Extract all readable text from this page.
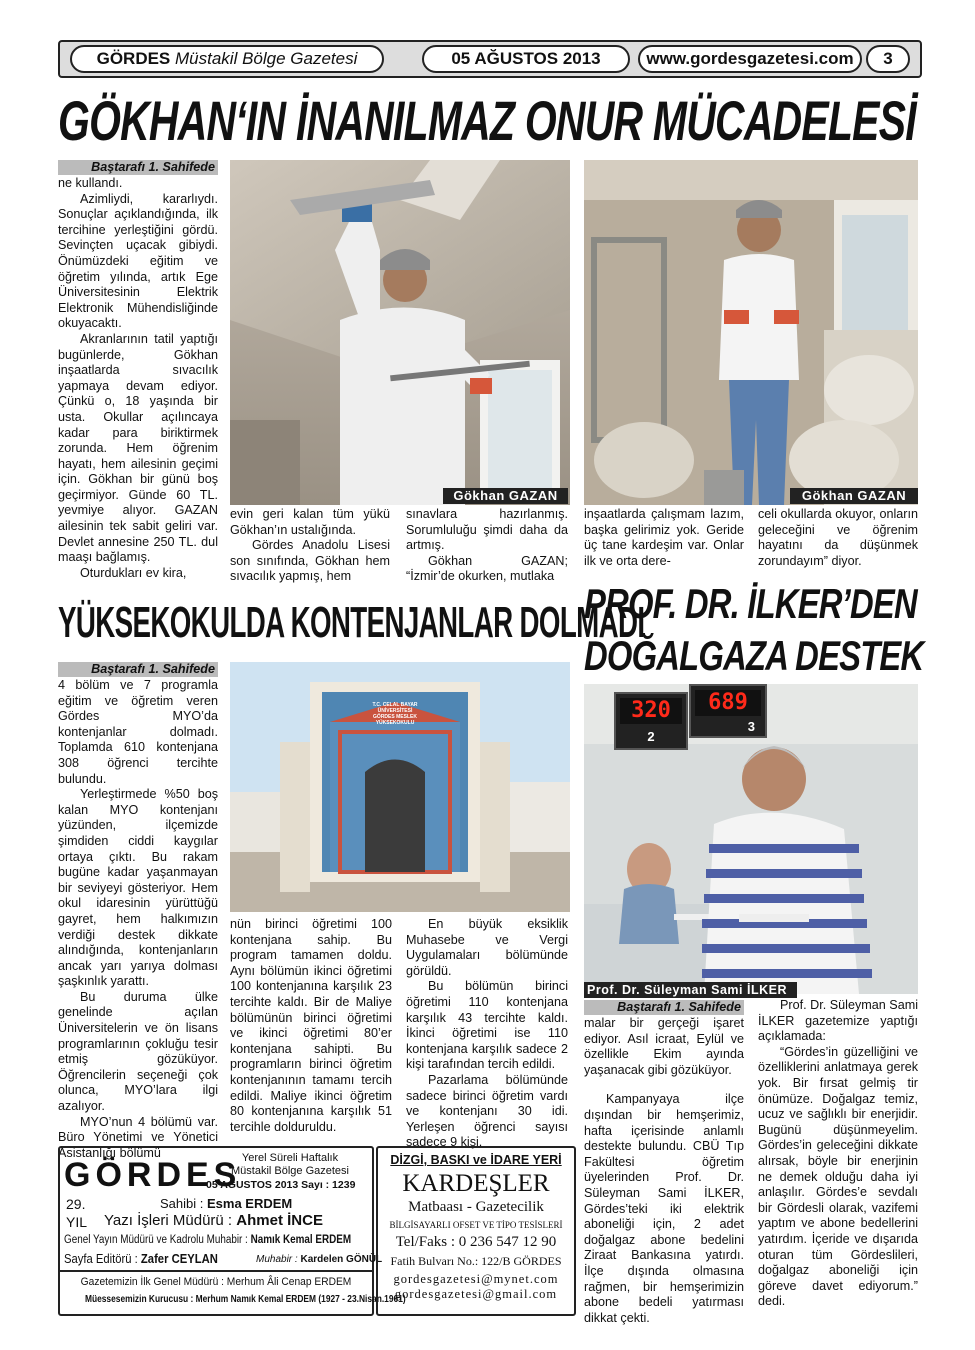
GÖRDES Müstakil Bölge Gazetesi	05 AĞUSTOS 2013	www.gordesgazetesi.com	3
GÖKHAN‘IN İNANILMAZ ONUR MÜCADELESİ
Baştarafı 1. Sahifede

ne kullandı.

Azimliydi, kararlıydı. Sonuçlar açıklandığında, ilk tercihine yerleştiğini gördü. Sevinçten uçacak gibiydi. Önümüzdeki eğitim ve öğretim yılında, artık Ege Üniversitesinin Elektrik Elektronik Mühendisliğinde okuyacaktı.

Akranlarının tatil yaptığı bugünlerde, Gökhan inşaatlarda sıvacılık yapmaya devam ediyor. Çünkü o, 18 yaşında bir usta. Okullar açılıncaya kadar para biriktirmek zorunda. Hem öğrenim hayatı, hem ailesinin geçimi için. Gökhan bir günü boş geçirmiyor. Günde 60 TL. yevmiye alıyor. GAZAN ailesinin tek sabit geliri var. Devlet annesine 250 TL. dul maaşı bağlamış.

Oturdukları ev kira,

Gökhan GAZAN	Gökhan GAZAN

evin geri kalan tüm yükü Gökhan’ın ustalığında.

Gördes Anadolu Lisesi son sınıfında, Gökhan hem sıvacılık yapmış, hem

sınavlara hazırlanmış. Sorumluluğu şimdi daha da artmış.

Gökhan GAZAN; “İzmir’de okurken, mutlaka

inşaatlarda çalışmam lazım, başka gelirimiz yok. Geride üç tane kardeşim var. Onlar ilk ve orta dere-

celi okullarda okuyor, onların geleceğini ve öğrenim hayatını da düşünmek zorundayım” diyor.

YÜKSEKOKULDA KONTENJANLAR DOLMADI
Baştarafı 1. Sahifede

4 bölüm ve 7 programla eğitim ve öğretim veren Gördes MYO’da kontenjanlar dolmadı. Toplamda 610 kontenjana 308 öğrenci tercihte bulundu.

Yerleştirmede %50 boş kalan MYO kontenjanı yüzünden, ilçemizde şimdiden ciddi kaygılar ortaya çıktı. Bu rakam bugüne kadar yaşanmayan bir seviyeyi gösteriyor. Hem okul idaresinin yürüttüğü gayret, hem halkımızın verdiği destek dikkate alındığında, kontenjanların ancak yarı yarıya dolması şaşkınlık yarattı.

Bu duruma ülke genelinde açılan Üniversitelerin ve ön lisans programlarının çokluğu tesir etmiş gözüküyor. Öğrencilerin seçeneği çok olunca, MYO’lara ilgi azalıyor.

MYO’nun 4 bölümü var. Büro Yönetimi ve Yönetici Asistanlığı bölümü

T.C. CELAL BAYAR ÜNİVERSİTESİ GÖRDES MESLEK YÜKSEKOKULU

nün birinci öğretimi 100 kontenjana sahip. Bu program tamamen doldu. Aynı bölümün ikinci öğretimi 100 kontenjanına karşılık 23 tercihte kaldı. Bir de Maliye bölümünün birinci öğretimi ve ikinci öğretimi 80’er kontenjana sahipti. Bu programların birinci öğretim kontenjanının tamamı tercih edildi. Maliye ikinci öğretim 80 kontenjanına karşılık 51 tercihle dolduruldu.

En büyük eksiklik Muhasebe ve Vergi Uygulamaları bölümünde görüldü.

Bu bölümün birinci öğretimi 110 kontenjana karşılık 43 tercihte kaldı. İkinci öğretimi ise 110 kontenjana karşılık sadece 2 kişi tarafından tercih edildi.

Pazarlama bölümünde sadece birinci öğretim vardı ve kontenjanı 30 idi. Yerleşen öğrenci sayısı sadece 9 kişi.

PROF. DR. İLKER’DEN
DOĞALGAZA DESTEK
320
2
689
3
Prof. Dr. Süleyman Sami İLKER
Baştarafı 1. Sahifede

malar bir gerçeği işaret ediyor. Asıl icraat, Eylül ve özellikle Ekim ayında yaşanacak gibi gözüküyor.

Kampanyaya ilçe dışından bir hemşerimiz, hafta içerisinde anlamlı destekte bulundu. CBÜ Tıp Fakültesi öğretim üyelerinden Prof. Dr. Süleyman Sami İLKER, Gördes’teki iki elektrik aboneliği için, 2 adet doğalgaz abone bedelini Ziraat Bankasına yatırdı. İlçe dışında olmasına rağmen, bir hemşerimizin abone bedeli yatırması dikkat çekti.

Prof. Dr. Süleyman Sami İLKER gazetemize yaptığı açıklamada:

“Gördes’in güzelliğini ve özelliklerini anlatmaya gerek yok. Bir fırsat gelmiş tir önümüze. Doğalgaz temiz, ucuz ve sağlıklı bir enerjidir. Bugünü düşünmeyelim. Gördes’in geleceğini dikkate alırsak, böyle bir enerjinin ne demek olduğu daha iyi anlaşılır. Gördes’e sevdalı bir Gördesli olarak, vazifemi yaptım ve abone bedellerini yatırdım. İçeride ve dışarıda oturan tüm Gördeslileri, doğalgaz aboneliği için göreve davet ediyorum.” dedi.

Yerel Süreli Haftalık
Müstakil Bölge Gazetesi
GÖRDES
05 AĞUSTOS 2013 Sayı : 1239
29.
YIL
Sahibi : Esma ERDEM
Yazı İşleri Müdürü : Ahmet İNCE
Genel Yayın Müdürü ve Kadrolu Muhabir : Namık Kemal ERDEM
Sayfa Editörü : Zafer CEYLAN	Muhabir : Kardelen GÖNÜL
Gazetemizin İlk Genel Müdürü : Merhum Âli Cenap ERDEM
Müessesemizin Kurucusu : Merhum Namık Kemal ERDEM (1927 - 23.Nisan.1961)
DİZGİ, BASKI ve İDARE YERİ
KARDEŞLER
Matbaası - Gazetecilik
BİLGİSAYARLI OFSET VE TİPO TESİSLERİ
Tel/Faks : 0 236 547 12 90
Fatih Bulvarı No.: 122/B GÖRDES
gordesgazetesi@mynet.com
gordesgazetesi@gmail.com
